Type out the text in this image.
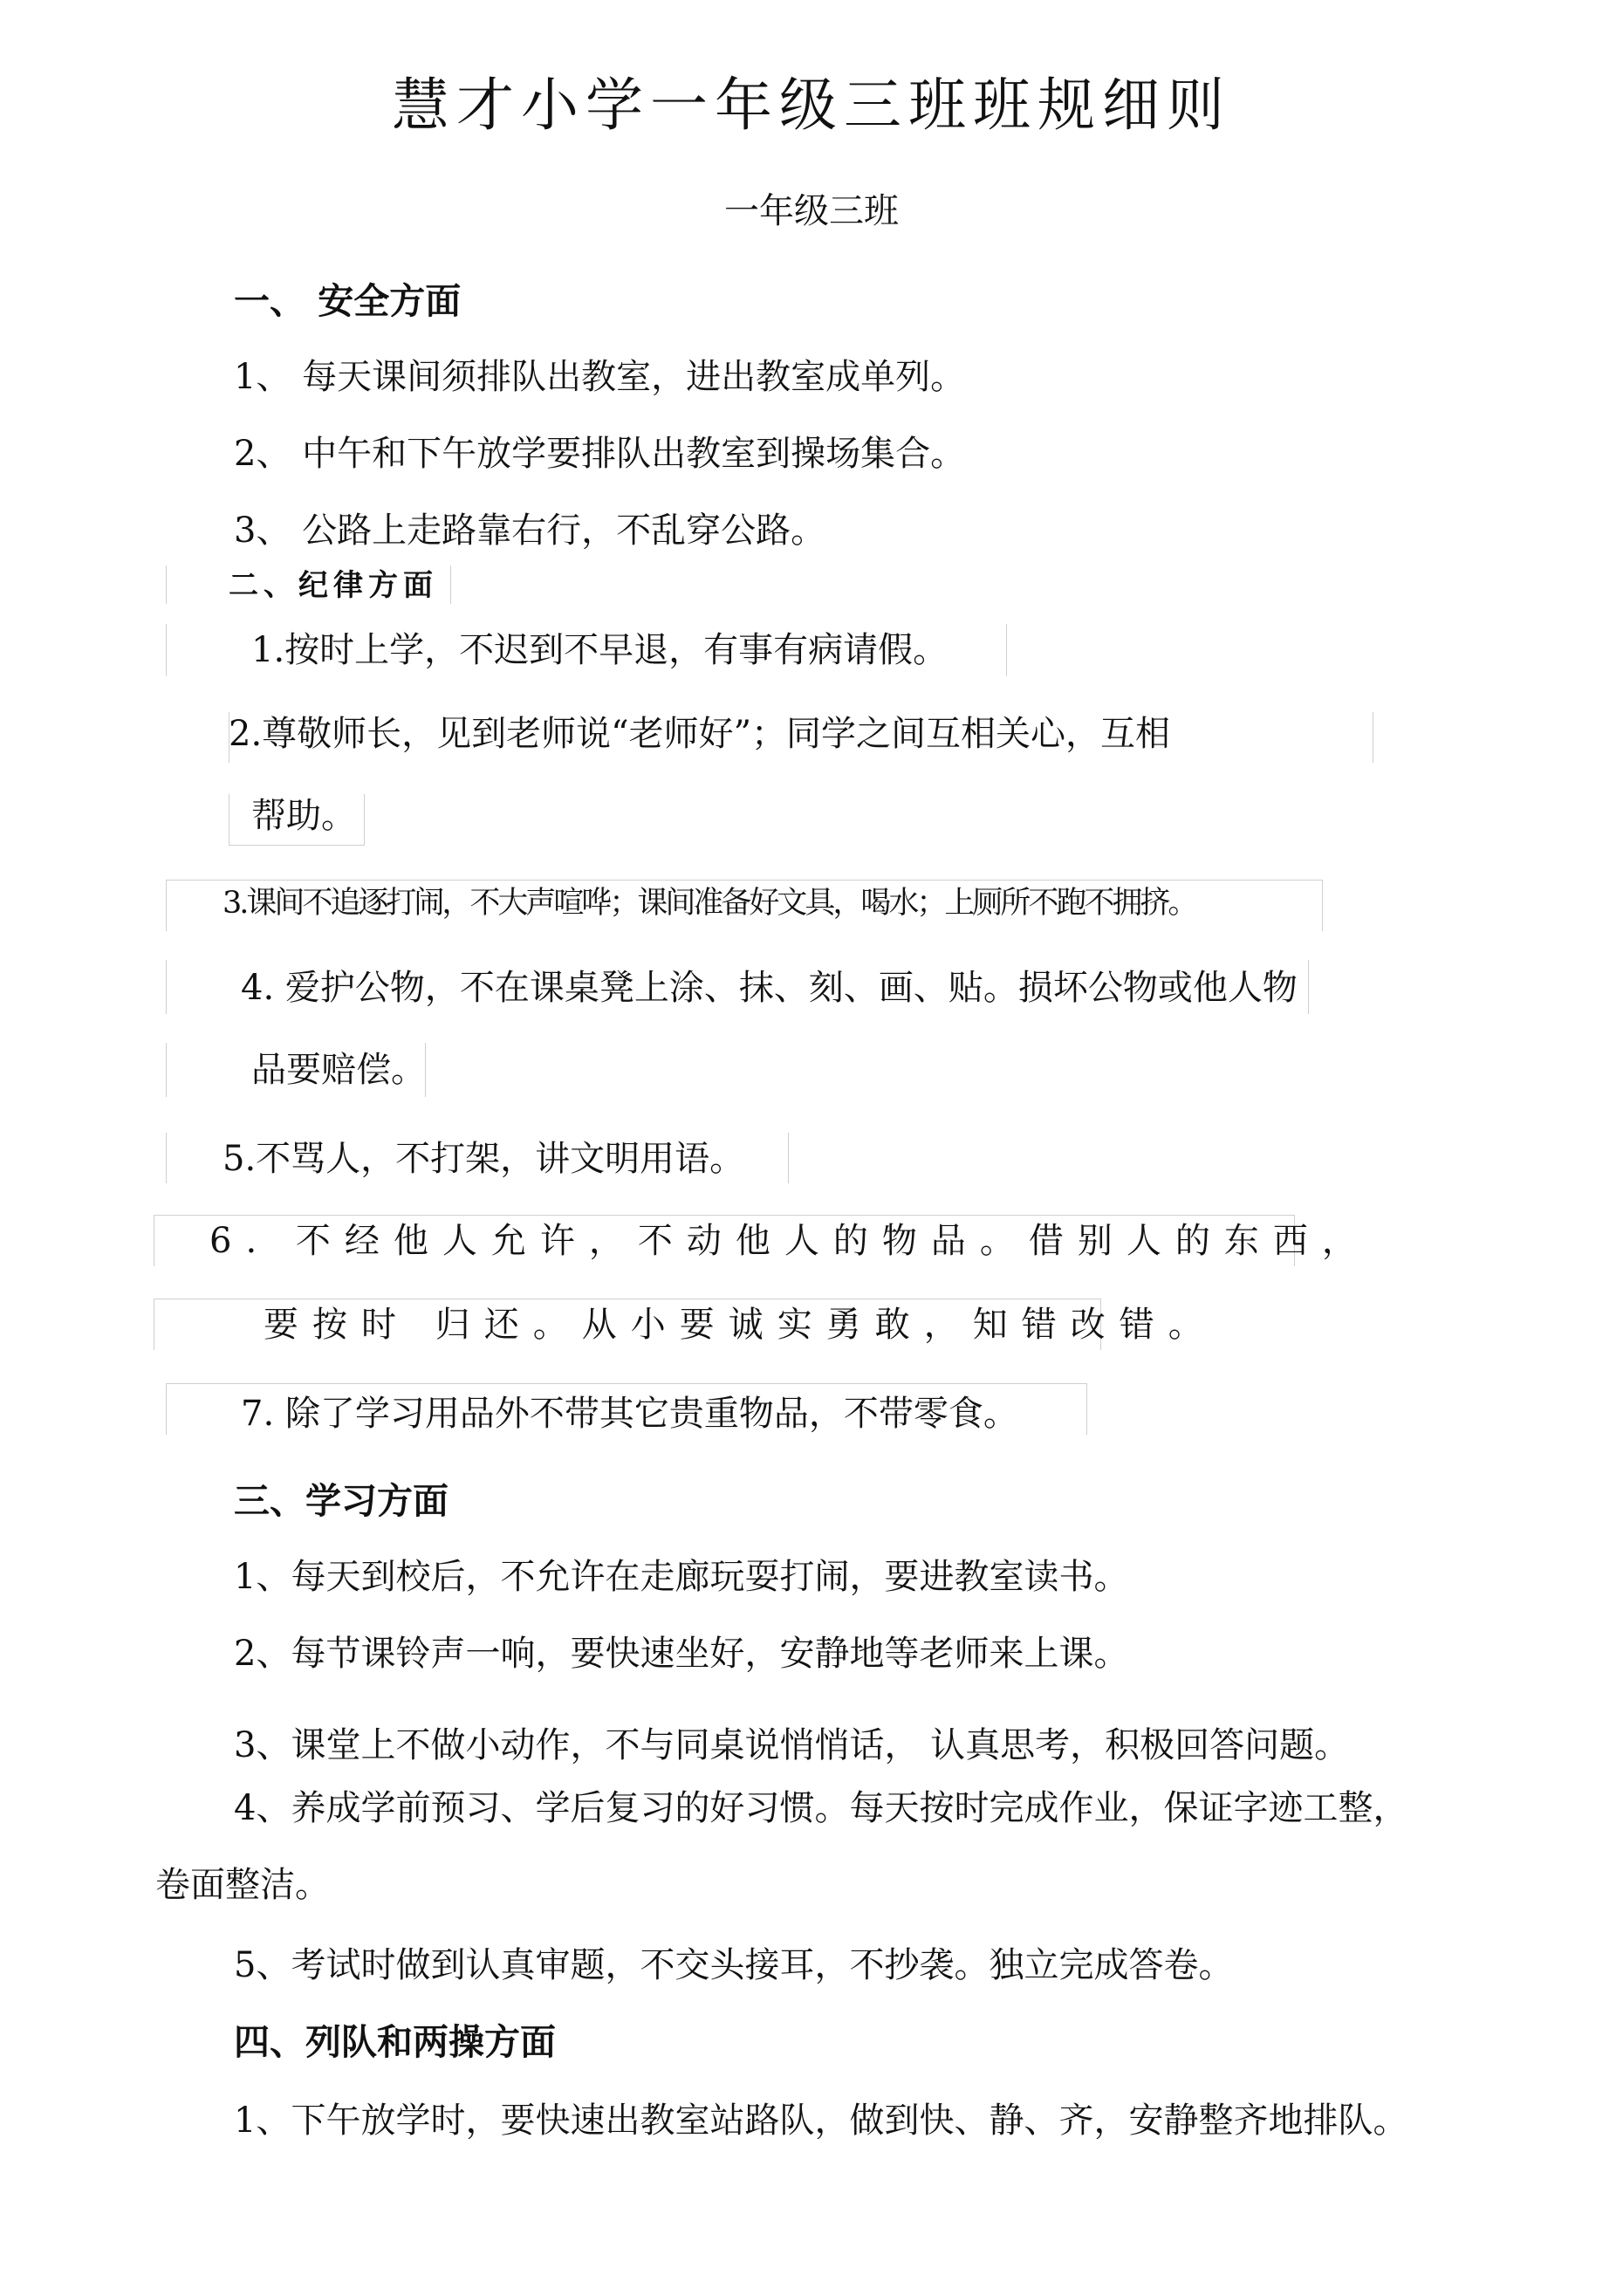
慧才小学一年级三班班规细则
一年级三班
一、 安全方面
1、 每天课间须排队出教室，进出教室成单列。
2、 中午和下午放学要排队出教室到操场集合。
3、 公路上走路靠右行，不乱穿公路。
二、纪律方面
1.按时上学，不迟到不早退，有事有病请假。
2.尊敬师长，见到老师说“老师好”；同学之间互相关心，互相
帮助。
3.课间不追逐打闹，不大声喧哗；课间准备好文具，喝水；上厕所不跑不拥挤。
4. 爱护公物，不在课桌凳上涂、抹、刻、画、贴。损坏公物或他人物
品要赔偿。
5.不骂人，不打架，讲文明用语。
6. 不经他人允许，不动他人的物品。借别人的东西，
要按时 归还。从小要诚实勇敢，知错改错。
7. 除了学习用品外不带其它贵重物品，不带零食。
三、学习方面
1、每天到校后，不允许在走廊玩耍打闹，要进教室读书。
2、每节课铃声一响，要快速坐好，安静地等老师来上课。
3、课堂上不做小动作，不与同桌说悄悄话， 认真思考，积极回答问题。
4、养成学前预习、学后复习的好习惯。每天按时完成作业，保证字迹工整，
卷面整洁。
5、考试时做到认真审题，不交头接耳，不抄袭。独立完成答卷。
四、列队和两操方面
1、下午放学时，要快速出教室站路队，做到快、静、齐，安静整齐地排队。
